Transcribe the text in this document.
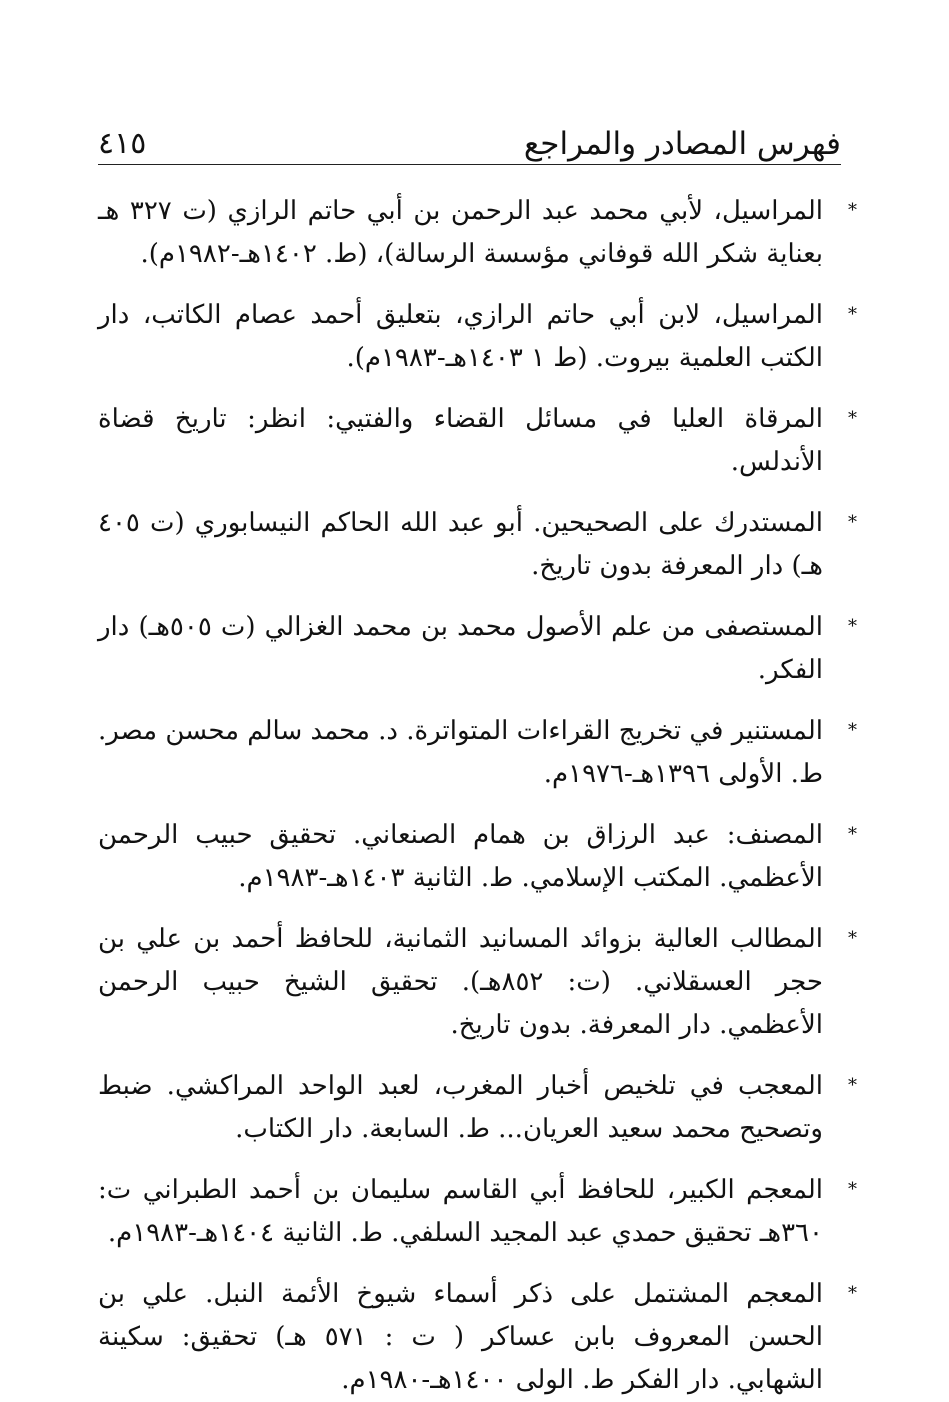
فهرس المصادر والمراجع
٤١٥
*
المراسيل، لأبي محمد عبد الرحمن بن أبي حاتم الرازي (ت ٣٢٧ هـ بعناية شكر الله قوفاني مؤسسة الرسالة)، (ط. ١٤٠٢هـ-١٩٨٢م).
*
المراسيل، لابن أبي حاتم الرازي، بتعليق أحمد عصام الكاتب، دار الكتب العلمية بيروت. (ط ١ ١٤٠٣هـ-١٩٨٣م).
*
المرقاة العليا في مسائل القضاء والفتيي: انظر: تاريخ قضاة الأندلس.
*
المستدرك على الصحيحين. أبو عبد الله الحاكم النيسابوري (ت ٤٠٥ هـ) دار المعرفة بدون تاريخ.
*
المستصفى من علم الأصول محمد بن محمد الغزالي (ت ٥٠٥هـ) دار الفكر.
*
المستنير في تخريج القراءات المتواترة. د. محمد سالم محسن مصر. ط. الأولى ١٣٩٦هـ-١٩٧٦م.
*
المصنف: عبد الرزاق بن همام الصنعاني. تحقيق حبيب الرحمن الأعظمي. المكتب الإسلامي. ط. الثانية ١٤٠٣هـ-١٩٨٣م.
*
المطالب العالية بزوائد المسانيد الثمانية، للحافظ أحمد بن علي بن حجر العسقلاني. (ت: ٨٥٢هـ). تحقيق الشيخ حبيب الرحمن الأعظمي. دار المعرفة. بدون تاريخ.
*
المعجب في تلخيص أخبار المغرب، لعبد الواحد المراكشي. ضبط وتصحيح محمد سعيد العريان... ط. السابعة. دار الكتاب.
*
المعجم الكبير، للحافظ أبي القاسم سليمان بن أحمد الطبراني ت: ٣٦٠هـ تحقيق حمدي عبد المجيد السلفي. ط. الثانية ١٤٠٤هـ-١٩٨٣م.
*
المعجم المشتمل على ذكر أسماء شيوخ الأئمة النبل. علي بن الحسن المعروف بابن عساكر ( ت : ٥٧١ هـ) تحقيق: سكينة الشهابي. دار الفكر ط. الولى ١٤٠٠هـ-١٩٨٠م.
